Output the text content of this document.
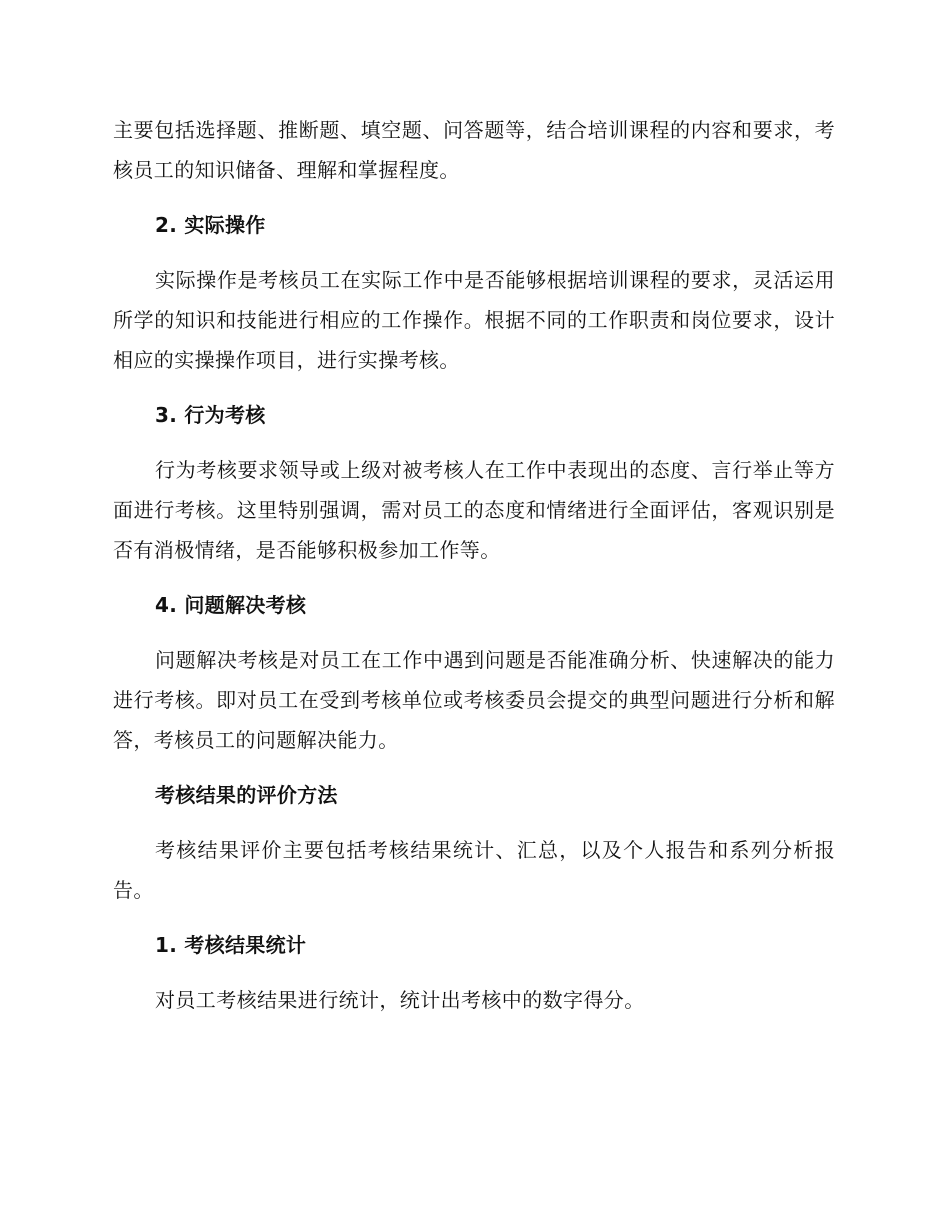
主要包括选择题、推断题、填空题、问答题等，结合培训课程的内容和要求，考核员工的知识储备、理解和掌握程度。

2. 实际操作

实际操作是考核员工在实际工作中是否能够根据培训课程的要求，灵活运用所学的知识和技能进行相应的工作操作。根据不同的工作职责和岗位要求，设计相应的实操操作项目，进行实操考核。

3. 行为考核

行为考核要求领导或上级对被考核人在工作中表现出的态度、言行举止等方面进行考核。这里特别强调，需对员工的态度和情绪进行全面评估，客观识别是否有消极情绪，是否能够积极参加工作等。

4. 问题解决考核

问题解决考核是对员工在工作中遇到问题是否能准确分析、快速解决的能力进行考核。即对员工在受到考核单位或考核委员会提交的典型问题进行分析和解答，考核员工的问题解决能力。

考核结果的评价方法

考核结果评价主要包括考核结果统计、汇总，以及个人报告和系列分析报告。

1. 考核结果统计

对员工考核结果进行统计，统计出考核中的数字得分。
